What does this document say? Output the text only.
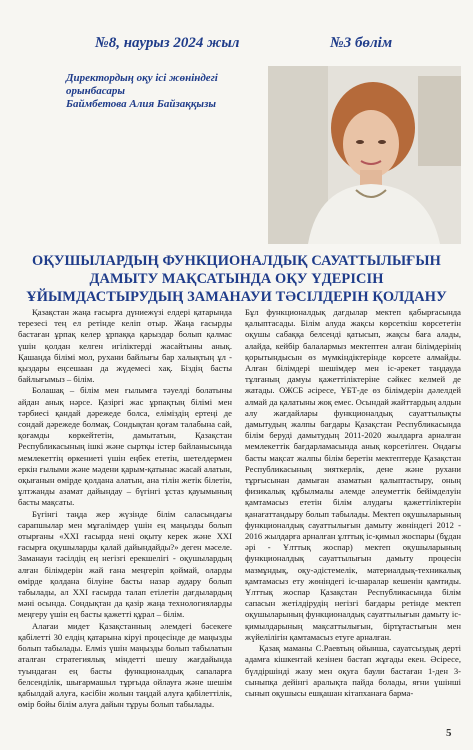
№8, наурыз 2024 жыл	№3 бөлім
Директордың оқу ісі жөніндегі орынбасары
Баймбетова Алия Байзаққызы
ОҚУШЫЛАРДЫҢ ФУНКЦИОНАЛДЫҚ САУАТТЫЛЫҒЫН ДАМЫТУ МАҚСАТЫНДА ОҚУ ҮДЕРІСІН ҰЙЫМДАСТЫРУДЫҢ ЗАМАНАУИ ТӘСІЛДЕРІН ҚОЛДАНУ

Қазақстан жаңа ғасырға дүниежүзі елдері қатарында терезесі тең ел ретінде келіп отыр. Жаңа ғасырды бастаған ұрпақ келер ұрпаққа қарыздар болып қалмас үшін қолдан келген игіліктерді жасайтыны анық. Қашанда білімі мол, рухани байлығы бар халықтың ұл - қыздары еңсешаан да жүдемесі хақ. Біздің басты байлығымыз – білім.

Болашақ – білім мен ғылымға тәуелді болатыны айдан анық нәрсе. Қазіргі жас ұрпақтың білімі мен тәрбиесі қандай дәрежеде болса, еліміздің ертеңі де сондай дәрежеде болмақ. Сондықтан қоғам талабына сай, қоғамды көркейтетін, дамытатын, Қазақстан Республикасының ішкі және сыртқы істер байланысында мемлекеттің өркениеті үшін еңбек ететін, шетелдермен еркін ғылыми және мәдени қарым-қатынас жасай алатын, оқығанын өмірде қолдана алатын, ана тілін жетік білетін, ұлтжанды азамат дайындау – бүгінгі ұстаз қауымының басты мақсаты.

Бүгінгі таңда жер жүзінде білім саласындағы сарапшылар мен мұғалімдер үшін ең маңызды болып отырғаны «XXI ғасырда нені оқыту керек және XXI ғасырға оқушыларды қалай дайындайды?» деген мәселе. Заманауи тәсілдің ең негізгі ерекшелігі - оқушылардың алған білімдерін жай ғана меңгеріп қоймай, оларды өмірде қолдана білуіне басты назар аудару болып табылады, ал XXI ғасырда талап етілетін дағдылардың мәні осында. Сондықтан да қазір жаңа технологияларды меңгеру үшін ең басты қажетті құрал – білім.

Алағаи мидет Қазақстанның әлемдегі бәсекеге қабілетті 30 елдің қатарына кіруі процесінде де маңызды болып табылады. Елміз үшін маңызды болып табылатын аталған стратегиялық міндетті шешу жағдайында туындаған ең басты функционалдық сапаларға белсенділік, шығармашыл тұрғыда ойлауға және шешім қабылдай алуға, кәсібін жолын таңдай алуға қабілеттілік, өмір бойы білім алуға дайын тұруы болып табылады.

Бұл функционалдық дағдылар мектеп қабырғасында қалыптасады. Білім алуда жақсы көрсеткіш көрсететін оқушы сабаққа белсенді қатысып, жақсы баға алады, алайда, кейбір балалармыз мектептен алған білімдерінің қорытындысын өз мүмкіндіктерінде көрсете алмайды. Алған білімдері шешімдер мен іс-әрекет таңдауда тұлғаның дамуы қажеттіліктеріне сәйкес келмей де жатады. ОЖСБ әсіресе, ҰБТ-де өз білімдерін дәлелдей алмай да қалатыны жоқ емес. Осындай жайттардың алдын алу жағдайлары функционалдық сауаттылықты дамытудың жалпы бағдары Қазақстан Республикасында білім беруді дамытудың 2011-2020 жылдарға арналған мемлекеттік бағдарламасында анық көрсетілген. Ондағы басты мақсат жалпы білім беретін мектептерде Қазақстан Республикасының зияткерлік, дене және рухани тұрғысынан дамыған азаматын қалыптастыру, оның физикалық құбылмалы әлемде әлеуметтік бейімделуін қамтамасыз ететін білім алудағы қажеттіліктерін қанағаттандыру болып табылады. Мектеп оқушыларының функционалдық сауаттылығын дамыту жөніндегі 2012 - 2016 жылдарға арналған ұлттық іс-қимыл жоспары (бұдан әрі - Ұлттық жоспар) мектеп оқушыларының функционалдық сауаттылығын дамыту процесін мазмұндық, оқу-әдістемелік, материалдық-техникалық қамтамасыз ету жөніндегі іс-шаралар кешенін қамтиды. Ұлттық жоспар Қазақстан Республикасында білім сапасын жетілдірудің негізгі бағдары ретінде мектеп оқушыларының функционалдық сауаттылығын дамыту іс-қимылдарының мақсаттылығын, біртұтастығын мен жүйелілігін қамтамасыз етуге арналған.

Қазақ маманы С.Раевтың ойынша, сауатсыздық дерті адамға кішкентай кезінен бастап жұғады екен. Әсіресе, бүлдіршінді жазу мен оқуға баули бастаған 1-ден 3-сыныпқа дейінгі аралықта пайда болады, яғни үшінші сынып оқушысы ешқашан кітапханаға барма-

5
